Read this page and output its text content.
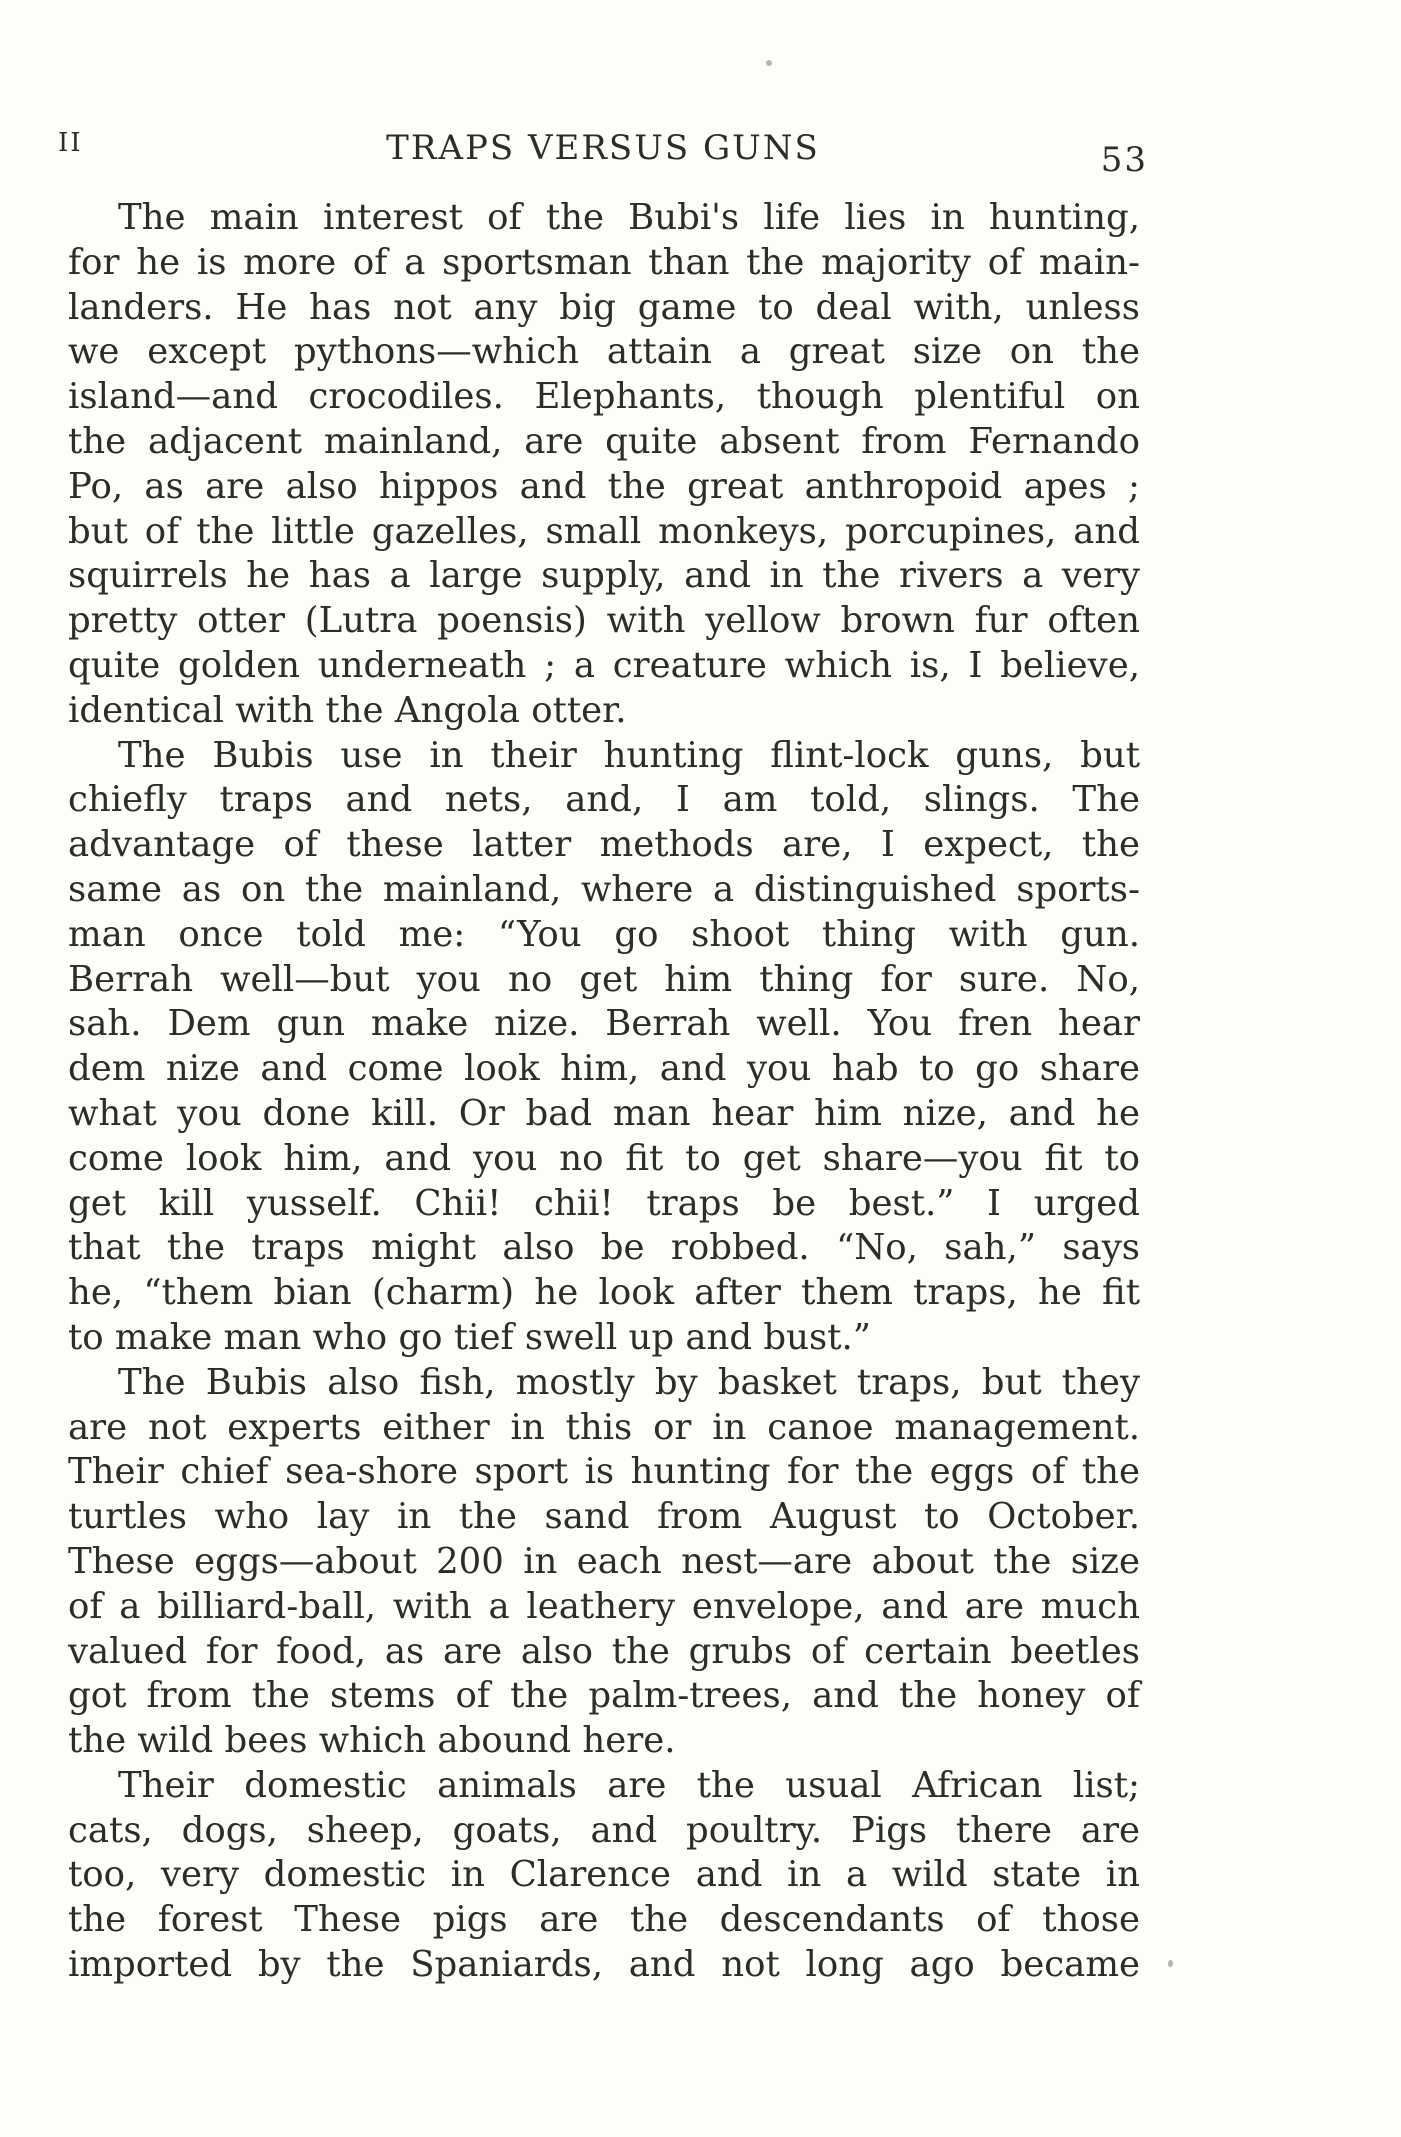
II	TRAPS VERSUS GUNS	53

The main interest of the Bubi's life lies in hunting,
for he is more of a sportsman than the majority of main-
landers. He has not any big game to deal with, unless
we except pythons—which attain a great size on the
island—and crocodiles. Elephants, though plentiful on
the adjacent mainland, are quite absent from Fernando
Po, as are also hippos and the great anthropoid apes ;
but of the little gazelles, small monkeys, porcupines, and
squirrels he has a large supply, and in the rivers a very
pretty otter (Lutra poensis) with yellow brown fur often
quite golden underneath ; a creature which is, I believe,
identical with the Angola otter.

The Bubis use in their hunting flint-lock guns, but
chiefly traps and nets, and, I am told, slings. The
advantage of these latter methods are, I expect, the
same as on the mainland, where a distinguished sports-
man once told me: “You go shoot thing with gun.
Berrah well—but you no get him thing for sure. No,
sah. Dem gun make nize. Berrah well. You fren hear
dem nize and come look him, and you hab to go share
what you done kill. Or bad man hear him nize, and he
come look him, and you no fit to get share—you fit to
get kill yusself. Chii! chii! traps be best.” I urged
that the traps might also be robbed. “No, sah,” says
he, “them bian (charm) he look after them traps, he fit
to make man who go tief swell up and bust.”

The Bubis also fish, mostly by basket traps, but they
are not experts either in this or in canoe management.
Their chief sea-shore sport is hunting for the eggs of the
turtles who lay in the sand from August to October.
These eggs—about 200 in each nest—are about the size
of a billiard-ball, with a leathery envelope, and are much
valued for food, as are also the grubs of certain beetles
got from the stems of the palm-trees, and the honey of
the wild bees which abound here.

Their domestic animals are the usual African list;
cats, dogs, sheep, goats, and poultry. Pigs there are
too, very domestic in Clarence and in a wild state in
the forest These pigs are the descendants of those
imported by the Spaniards, and not long ago became
